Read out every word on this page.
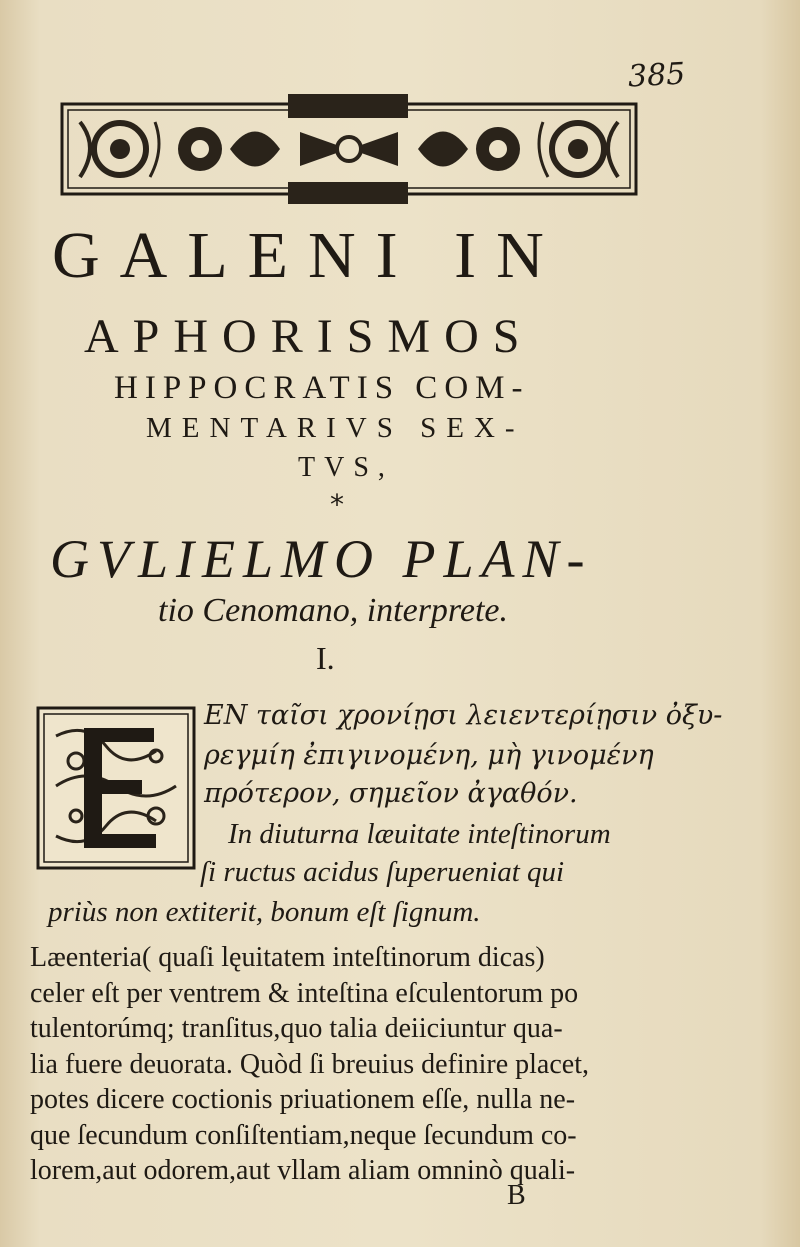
385
GALENI IN
APHORISMOS
HIPPOCRATIS COM-
MENTARIVS SEX-
TVS,
*
GVLIELMO PLAN-
tio Cenomano, interprete.
I.
ΕΝ ταῖσι χρονίῃσι λειεντερίῃσιν ὀξυ-
ρεγμίη ἐπιγινομένη, μὴ γινομένη
πρότερον, σημεῖον ἀγαθόν.
In diuturna læuitate inteſtinorum
ſi ructus acidus ſuperueniat qui
priùs non extiterit, bonum eſt ſignum.
Læenteria( quaſi lęuitatem inteſtinorum dicas)
celer eſt per ventrem & inteſtina eſculentorum po
tulentorúmq; tranſitus,quo talia deiiciuntur qua-
lia fuere deuorata. Quòd ſi breuius definire placet,
potes dicere coctionis priuationem eſſe, nulla ne-
que ſecundum conſiſtentiam,neque ſecundum co-
lorem,aut odorem,aut vllam aliam omninò quali-
B
